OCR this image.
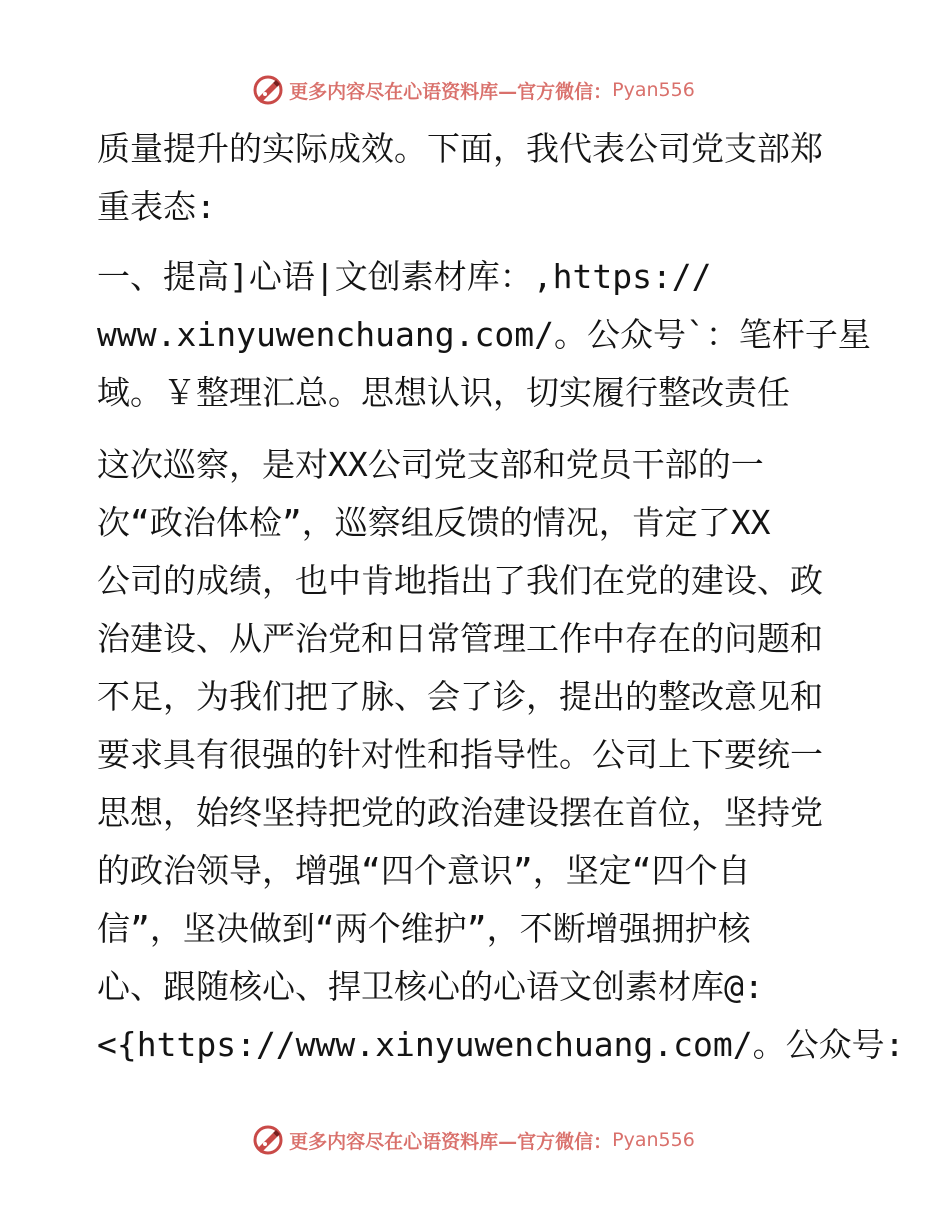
更多内容尽在心语资料库—官方微信： Pyan556
质量提升的实际成效。下面，我代表公司党支部郑
重表态:
一、提高]心语|文创素材库：,https://
www.xinyuwenchuang.com/。公众号`：笔杆子星
域。￥整理汇总。思想认识，切实履行整改责任
这次巡察，是对XX公司党支部和党员干部的一
次“政治体检”，巡察组反馈的情况，肯定了XX
公司的成绩，也中肯地指出了我们在党的建设、政
治建设、从严治党和日常管理工作中存在的问题和
不足，为我们把了脉、会了诊，提出的整改意见和
要求具有很强的针对性和指导性。公司上下要统一
思想，始终坚持把党的政治建设摆在首位，坚持党
的政治领导，增强“四个意识”，坚定“四个自
信”，坚决做到“两个维护”，不断增强拥护核
心、跟随核心、捍卫核心的心语文创素材库@:
<{https://www.xinyuwenchuang.com/。公众号:
更多内容尽在心语资料库—官方微信： Pyan556
